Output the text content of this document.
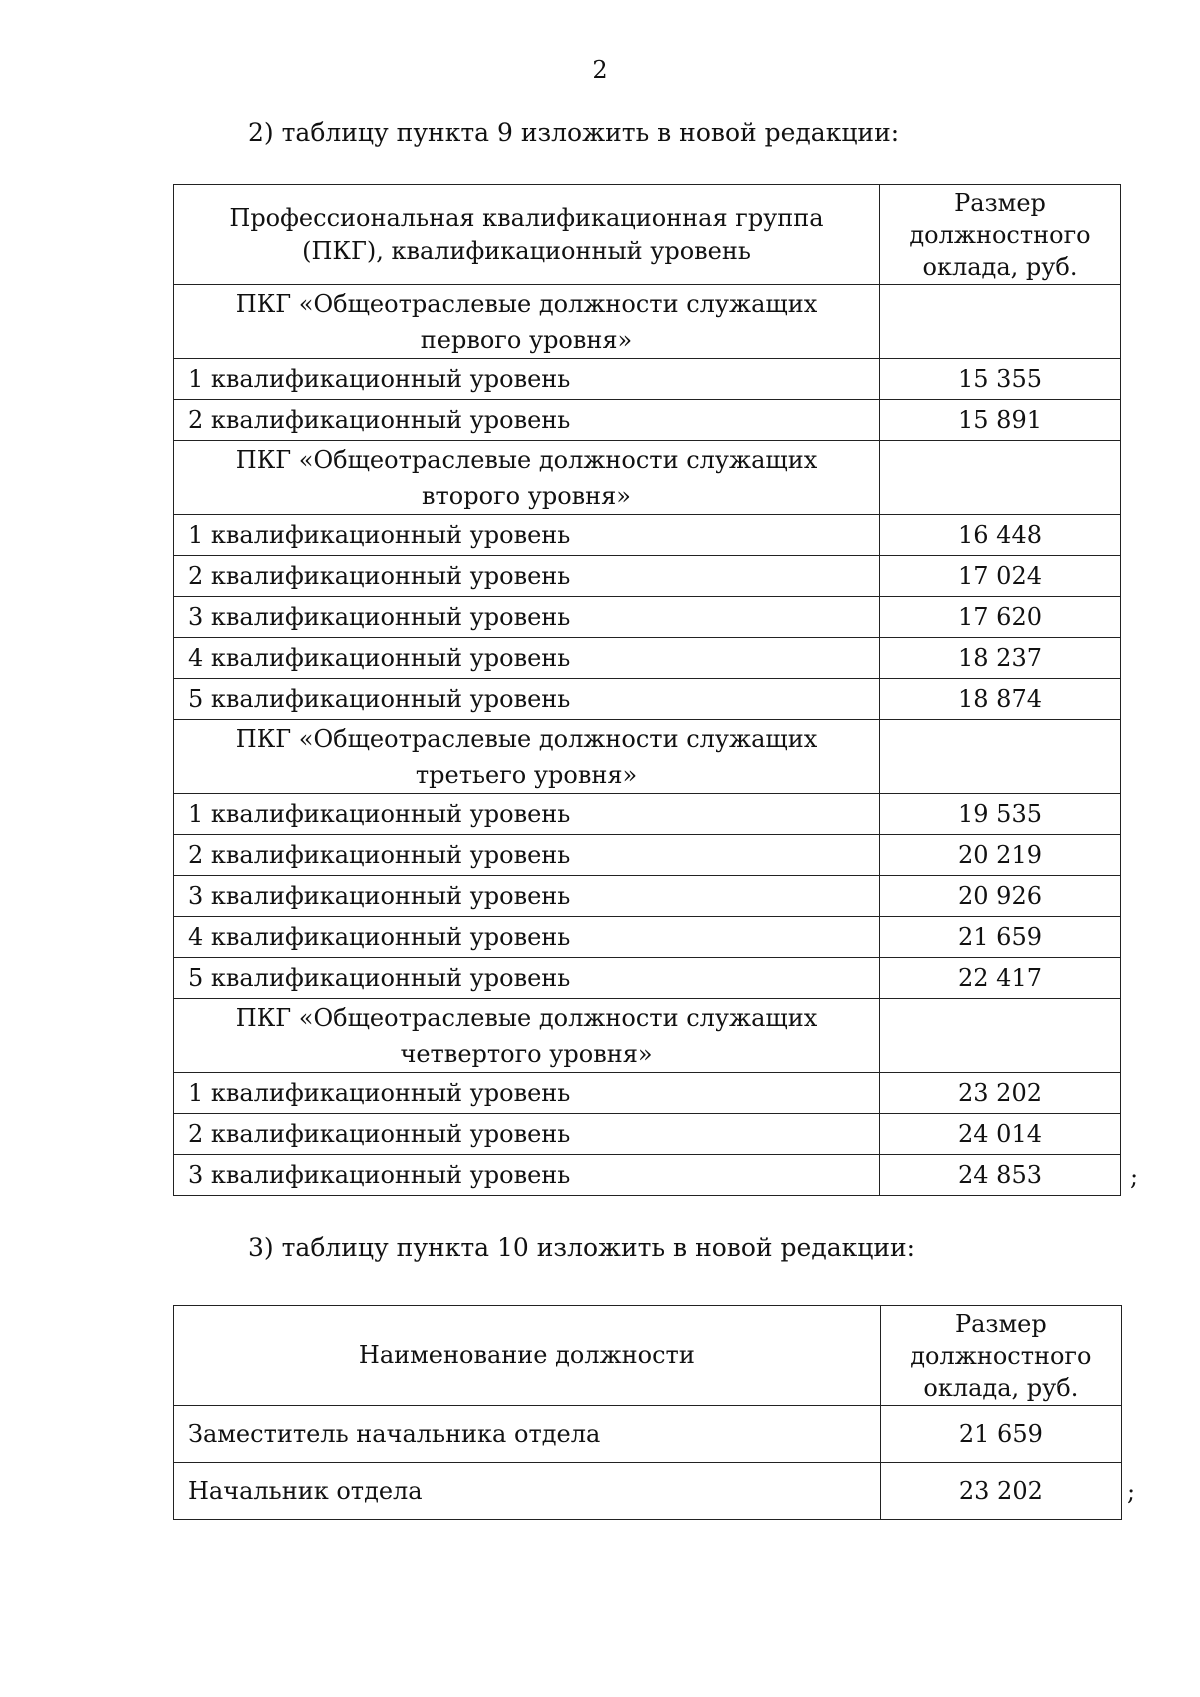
2
2) таблицу пункта 9 изложить в новой редакции:
Профессиональная квалификационная группа (ПКГ), квалификационный уровень	Размер должностного оклада, руб.
ПКГ «Общеотраслевые должности служащих первого уровня»	
1 квалификационный уровень	15 355
2 квалификационный уровень	15 891
ПКГ «Общеотраслевые должности служащих второго уровня»	
1 квалификационный уровень	16 448
2 квалификационный уровень	17 024
3 квалификационный уровень	17 620
4 квалификационный уровень	18 237
5 квалификационный уровень	18 874
ПКГ «Общеотраслевые должности служащих третьего уровня»	
1 квалификационный уровень	19 535
2 квалификационный уровень	20 219
3 квалификационный уровень	20 926
4 квалификационный уровень	21 659
5 квалификационный уровень	22 417
ПКГ «Общеотраслевые должности служащих четвертого уровня»	
1 квалификационный уровень	23 202
2 квалификационный уровень	24 014
3 квалификационный уровень	24 853	;
3) таблицу пункта 10 изложить в новой редакции:
Наименование должности	Размер должностного оклада, руб.
Заместитель начальника отдела	21 659
Начальник отдела	23 202	;
